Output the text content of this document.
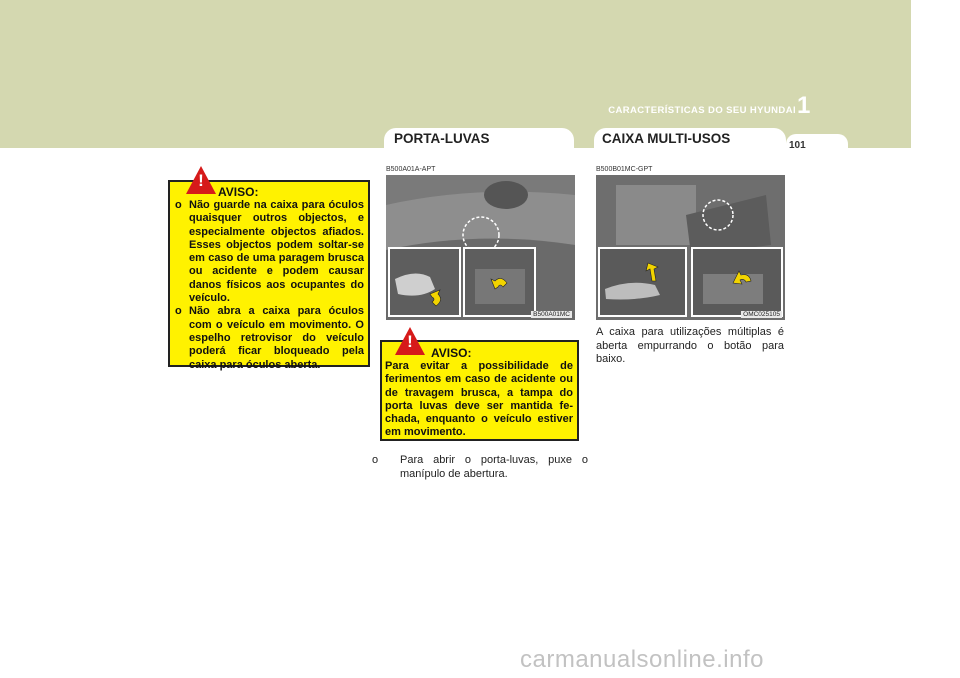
CARACTERÍSTICAS DO SEU HYUNDAI 1
PORTA-LUVAS	CAIXA MULTI-USOS	101
!
AVISO:
o Não guarde na caixa para óculos quaisquer outros objectos, e especialmente objectos afiados. Esses objectos podem soltar-se em caso de uma paragem brusca ou acidente e podem causar danos físicos aos ocupantes do veículo.
o Não abra a caixa para óculos com o veículo em movimento. O espelho retrovisor do veículo poderá ficar bloqueado pela caixa para óculos aberta.
B500A01A-APT
B500A01MC
!
AVISO:
Para evitar a possibilidade de ferimentos em caso de acidente ou de travagem brusca, a tampa do porta luvas deve ser mantida fe-chada, enquanto o veículo estiver em movimento.
o Para abrir o porta-luvas, puxe o manípulo de abertura.
B500B01MC-GPT
OMC025105
A caixa para utilizações múltiplas é aberta empurrando o botão para baixo.
carmanualsonline.info
